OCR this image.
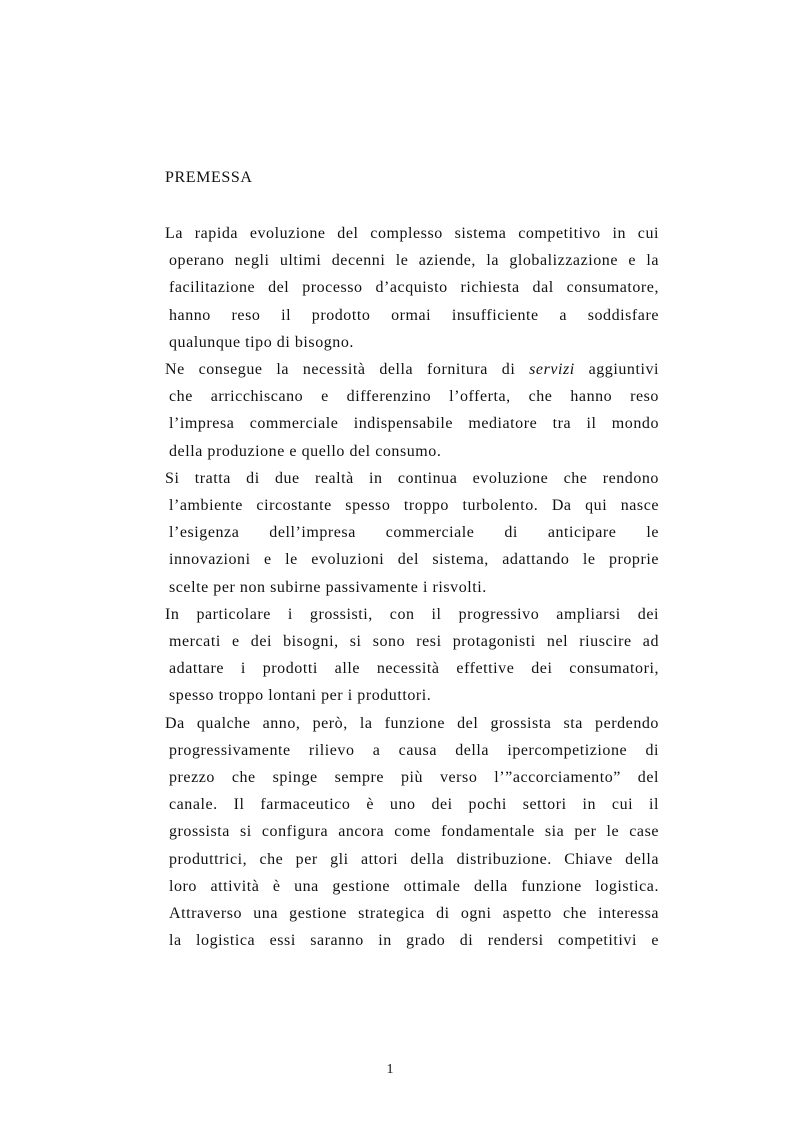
PREMESSA

La rapida evoluzione del complesso sistema competitivo in cui
operano negli ultimi decenni le aziende, la globalizzazione e la
facilitazione del processo d’acquisto richiesta dal consumatore,
hanno reso il prodotto ormai insufficiente a soddisfare
qualunque tipo di bisogno.

Ne consegue la necessità della fornitura di servizi aggiuntivi
che arricchiscano e differenzino l’offerta, che hanno reso
l’impresa commerciale indispensabile mediatore tra il mondo
della produzione e quello del consumo.

Si tratta di due realtà in continua evoluzione che rendono
l’ambiente circostante spesso troppo turbolento. Da qui nasce
l’esigenza dell’impresa commerciale di anticipare le
innovazioni e le evoluzioni del sistema, adattando le proprie
scelte per non subirne passivamente i risvolti.

In particolare i grossisti, con il progressivo ampliarsi dei
mercati e dei bisogni, si sono resi protagonisti nel riuscire ad
adattare i prodotti alle necessità effettive dei consumatori,
spesso troppo lontani per i produttori.

Da qualche anno, però, la funzione del grossista sta perdendo
progressivamente rilievo a causa della ipercompetizione di
prezzo che spinge sempre più verso l’”accorciamento” del
canale. Il farmaceutico è uno dei pochi settori in cui il
grossista si configura ancora come fondamentale sia per le case
produttrici, che per gli attori della distribuzione. Chiave della
loro attività è una gestione ottimale della funzione logistica.
Attraverso una gestione strategica di ogni aspetto che interessa
la logistica essi saranno in grado di rendersi competitivi e

1
